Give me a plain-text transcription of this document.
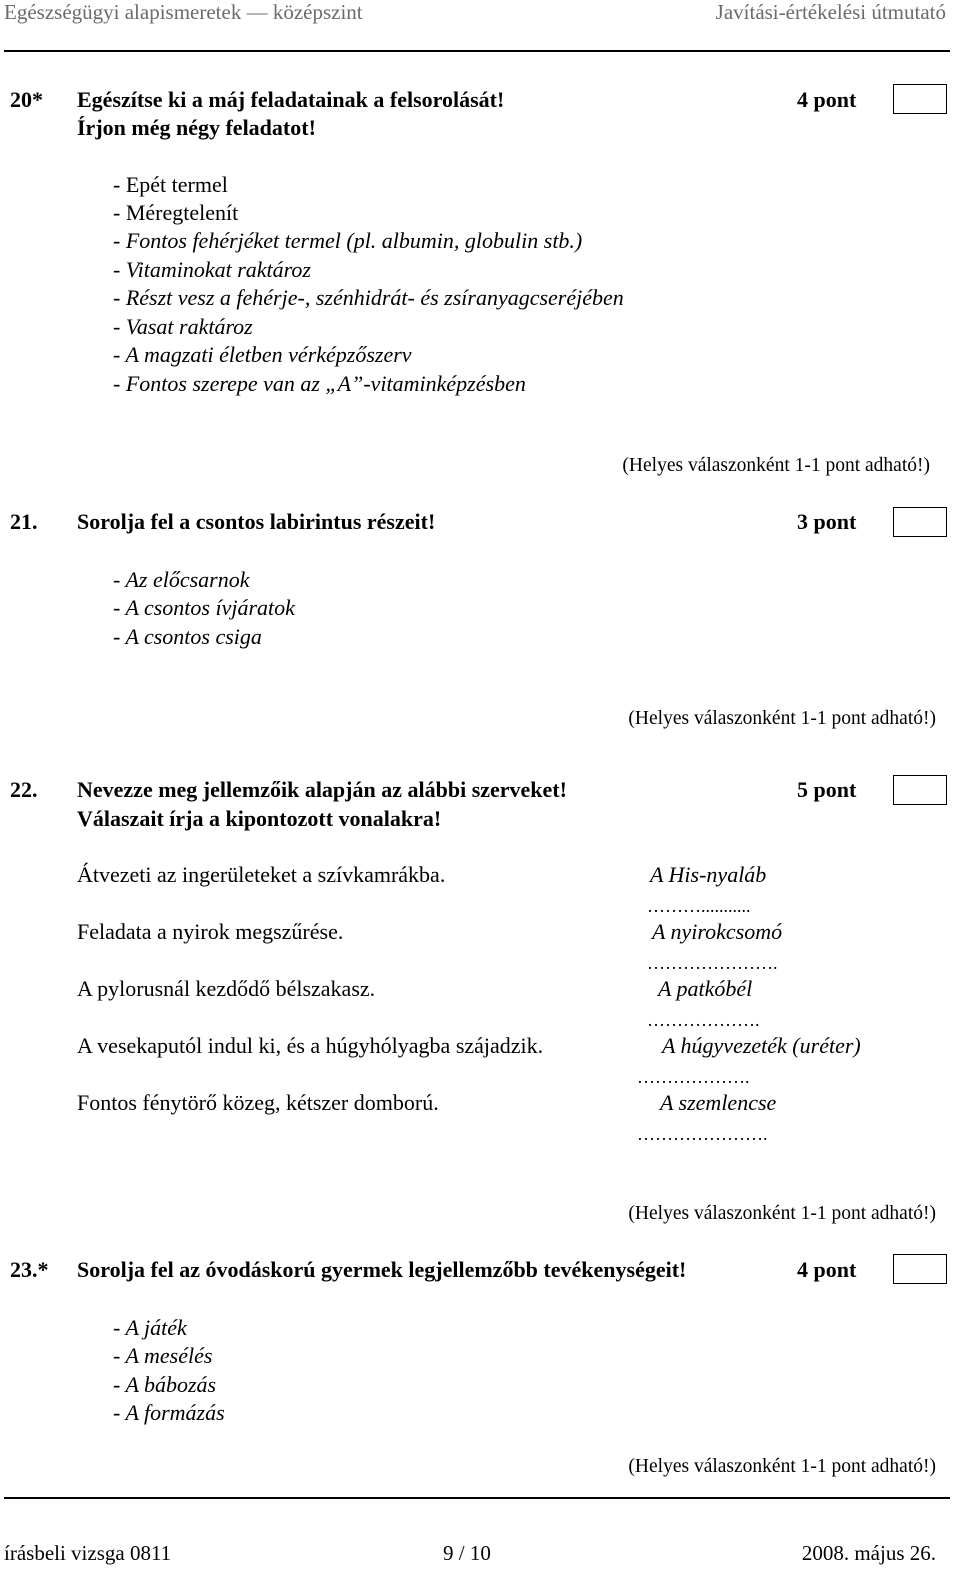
Egészségügyi alapismeretek — középszint	Javítási-értékelési útmutató
20* Egészítse ki a máj feladatainak a felsorolását!
Írjon még négy feladatot!
4 pont
- Epét termel
- Méregtelenít
- Fontos fehérjéket termel (pl. albumin, globulin stb.)
- Vitaminokat raktároz
- Részt vesz a fehérje-, szénhidrát- és zsíranyagcseréjében
- Vasat raktároz
- A magzati életben vérképzőszerv
- Fontos szerepe van az „A”-vitaminképzésben
(Helyes válaszonként 1-1 pont adható!)
21. Sorolja fel a csontos labirintus részeit!	3 pont
- Az előcsarnok
- A csontos ívjáratok
- A csontos csiga
(Helyes válaszonként 1-1 pont adható!)
22. Nevezze meg jellemzőik alapján az alábbi szerveket!
Válaszait írja a kipontozott vonalakra!
5 pont
Átvezeti az ingerületeket a szívkamrákba.	A His-nyaláb
………...........
Feladata a nyirok megszűrése.	A nyirokcsomó
………………….
A pylorusnál kezdődő bélszakasz.	A patkóbél
……………….
A vesekaputól indul ki, és a húgyhólyagba szájadzik.	A húgyvezeték (uréter)
……………….
Fontos fénytörő közeg, kétszer domború.	A szemlencse
………………….
(Helyes válaszonként 1-1 pont adható!)
23.* Sorolja fel az óvodáskorú gyermek legjellemzőbb tevékenységeit!	4 pont
- A játék
- A mesélés
- A bábozás
- A formázás
(Helyes válaszonként 1-1 pont adható!)
írásbeli vizsga 0811	9 / 10	2008. május 26.
